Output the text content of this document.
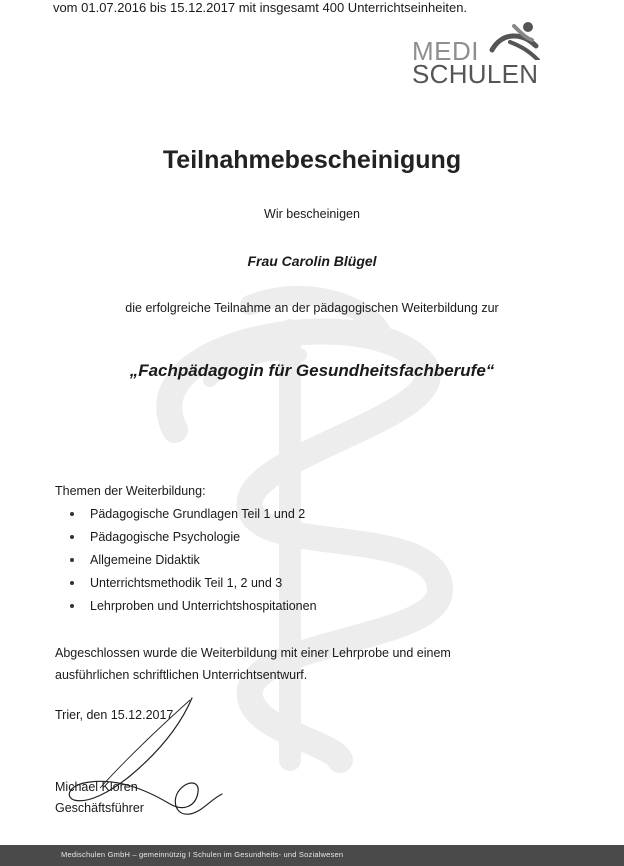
MEDI
SCHULEN
Teilnahmebescheinigung
Wir bescheinigen
Frau Carolin Blügel
die erfolgreiche Teilnahme an der pädagogischen Weiterbildung zur
„Fachpädagogin für Gesundheitsfachberufe“
vom 01.07.2016 bis 15.12.2017 mit insgesamt 400 Unterrichtseinheiten.
Themen der Weiterbildung:
Pädagogische Grundlagen Teil 1 und 2
Pädagogische Psychologie
Allgemeine Didaktik
Unterrichtsmethodik Teil 1, 2 und 3
Lehrproben und Unterrichtshospitationen
Abgeschlossen wurde die Weiterbildung mit einer Lehrprobe und einem
ausführlichen schriftlichen Unterrichtsentwurf.
Trier, den 15.12.2017
Michael Klören
Geschäftsführer
Medischulen GmbH – gemeinnützig I Schulen im Gesundheits- und Sozialwesen
